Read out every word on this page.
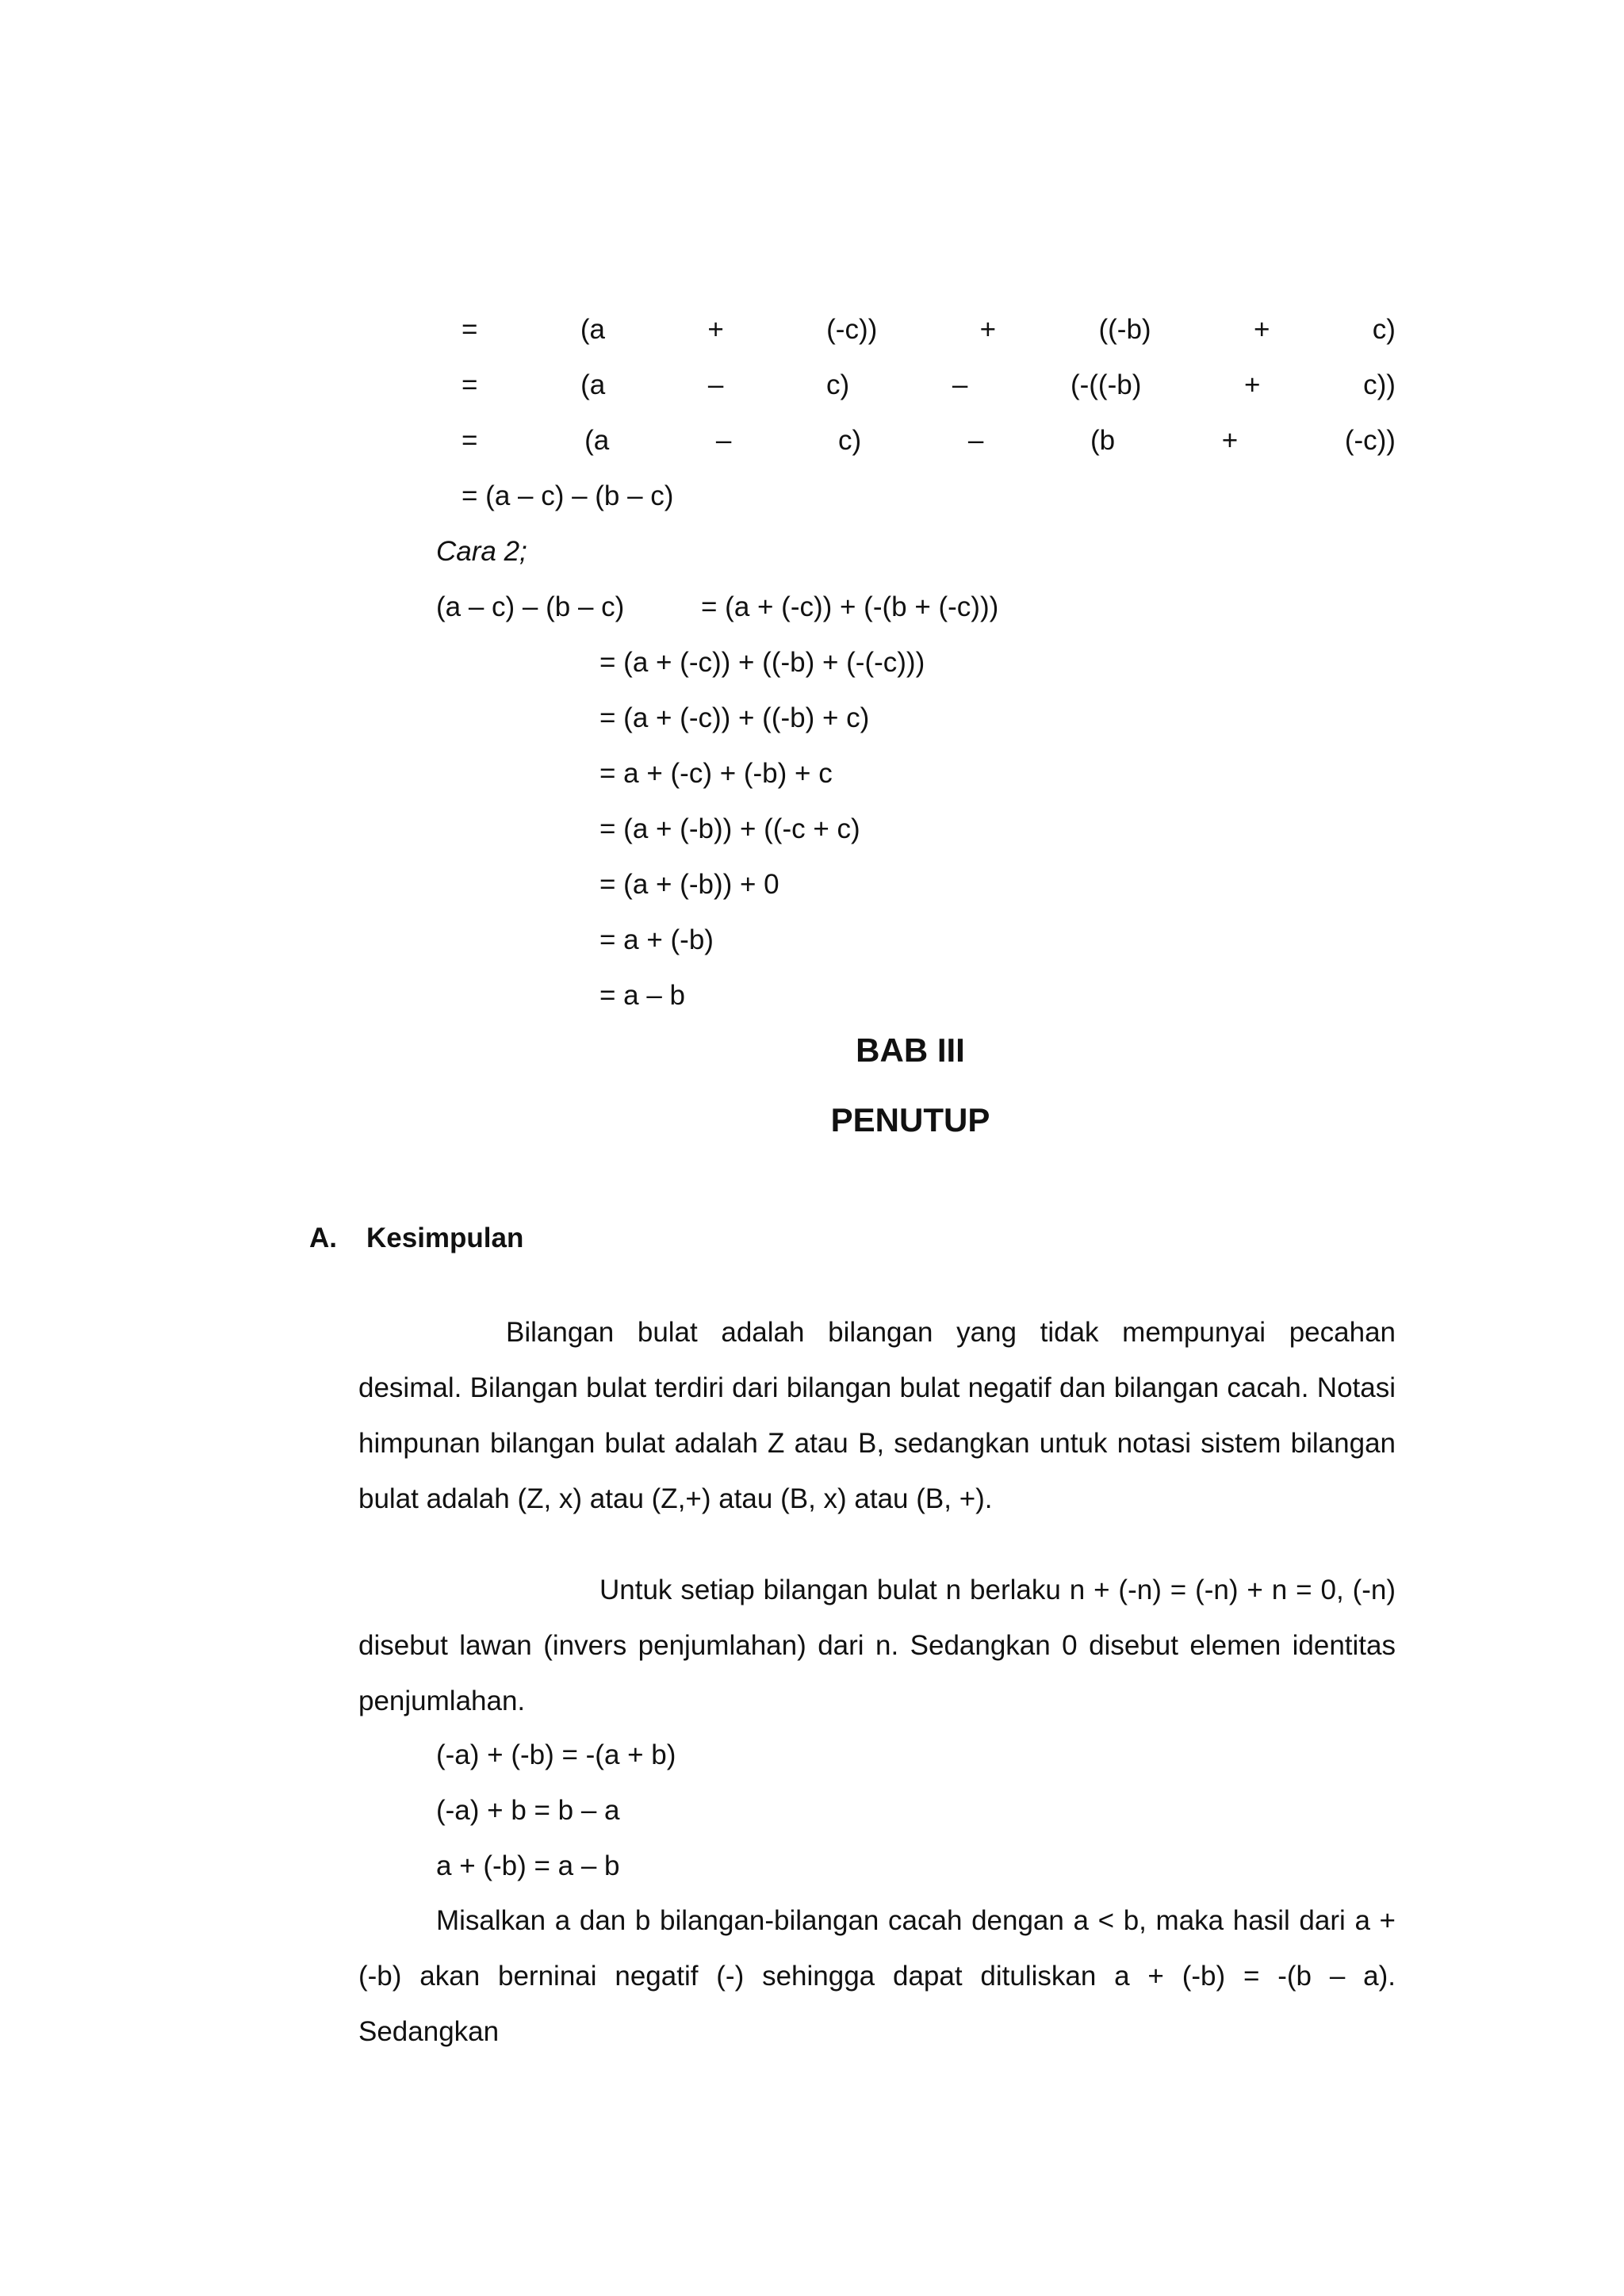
=	(a	+	(-c))	+	((-b)	+	c)
=	(a	–	c)	–	(-((-b)	+	c))
=	(a	–	c)	–	(b	+	(-c))
= (a – c) – (b – c)
Cara 2;
(a – c) – (b – c)	= (a + (-c)) + (-(b + (-c)))
= (a + (-c)) + ((-b) + (-(-c)))
= (a + (-c)) + ((-b) + c)
= a + (-c) + (-b) + c
= (a + (-b)) + ((-c + c)
= (a + (-b)) + 0
= a + (-b)
= a – b
BAB III
PENUTUP
A. Kesimpulan
Bilangan bulat adalah bilangan yang tidak mempunyai pecahan desimal. Bilangan bulat terdiri dari bilangan bulat negatif dan bilangan cacah. Notasi himpunan bilangan bulat adalah Z atau B, sedangkan untuk notasi sistem bilangan bulat adalah (Z, x) atau (Z,+) atau (B, x) atau (B, +).
Untuk setiap bilangan bulat n berlaku n + (-n) = (-n) + n = 0, (-n) disebut lawan (invers penjumlahan) dari n. Sedangkan 0 disebut elemen identitas penjumlahan.
(-a) + (-b) = -(a + b)
(-a) + b = b – a
a + (-b) = a – b
Misalkan a dan b bilangan-bilangan cacah dengan a < b, maka hasil dari a + (-b) akan berninai negatif (-) sehingga dapat dituliskan a + (-b) = -(b – a). Sedangkan
